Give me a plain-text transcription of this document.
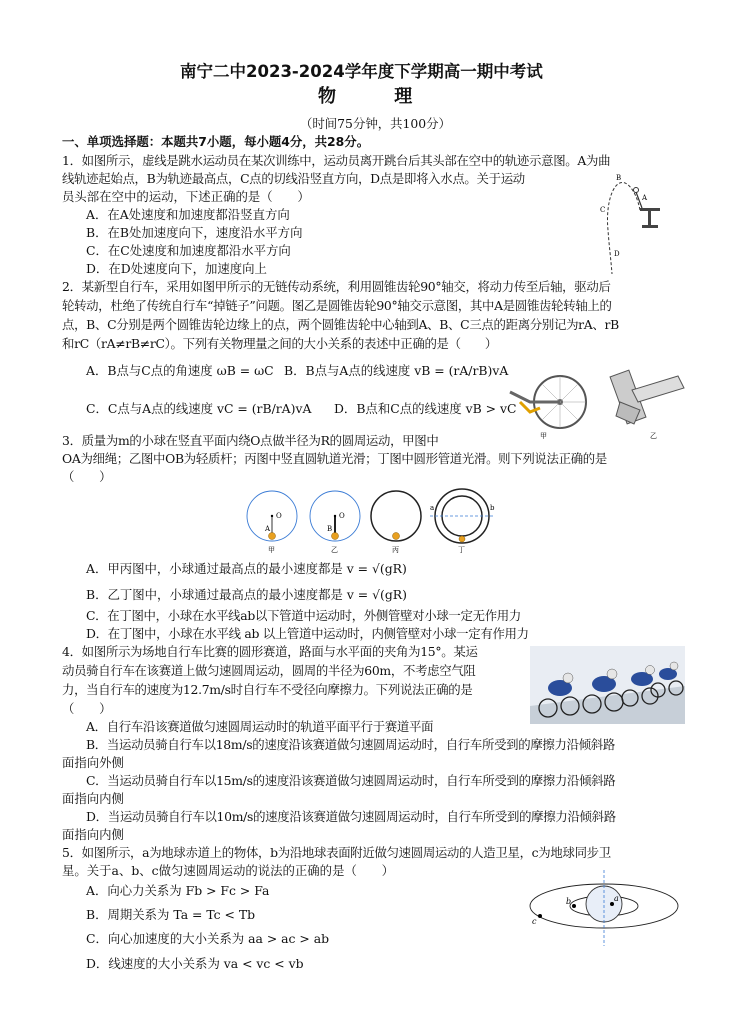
南宁二中2023-2024学年度下学期高一期中考试
物 理
（时间75分钟，共100分）
一、单项选择题：本题共7小题，每小题4分，共28分。
1．如图所示，虚线是跳水运动员在某次训练中，运动员离开跳台后其头部在空中的轨迹示意图。A为曲
线轨迹起始点，B为轨迹最高点，C点的切线沿竖直方向，D点是即将入水点。关于运动
员头部在空中的运动，下述正确的是（　　）
A．在A处速度和加速度都沿竖直方向
B．在B处加速度向下，速度沿水平方向
C．在C处速度和加速度都沿水平方向
D．在D处速度向下，加速度向上
B
A
C
D
2．某新型自行车，采用如图甲所示的无链传动系统，利用圆锥齿轮90°轴交，将动力传至后轴，驱动后
轮转动，杜绝了传统自行车“掉链子”问题。图乙是圆锥齿轮90°轴交示意图，其中A是圆锥齿轮转轴上的
点，B、C分别是两个圆锥齿轮边缘上的点，两个圆锥齿轮中心轴到A、B、C三点的距离分别记为rA、rB
和rC（rA≠rB≠rC）。下列有关物理量之间的大小关系的表述中正确的是（　　）
A．B点与C点的角速度 ωB = ωC B．B点与A点的线速度 vB = (rA/rB)vA
C．C点与A点的线速度 vC = (rB/rA)vA D．B点和C点的线速度 vB > vC
甲	乙
3．质量为m的小球在竖直平面内绕O点做半径为R的圆周运动，甲图中
OA为细绳；乙图中OB为轻质杆；丙图中竖直圆轨道光滑；丁图中圆形管道光滑。则下列说法正确的是
（　　）
A
O
甲
B
O
乙	丙
a	b
丁
A．甲丙图中，小球通过最高点的最小速度都是 v = √(gR)
B．乙丁图中，小球通过最高点的最小速度都是 v = √(gR)
C．在丁图中，小球在水平线ab以下管道中运动时，外侧管壁对小球一定无作用力
D．在丁图中，小球在水平线 ab 以上管道中运动时，内侧管壁对小球一定有作用力
4．如图所示为场地自行车比赛的圆形赛道，路面与水平面的夹角为15°。某运
动员骑自行车在该赛道上做匀速圆周运动，圆周的半径为60m，不考虑空气阻
力，当自行车的速度为12.7m/s时自行车不受径向摩擦力。下列说法正确的是
（　　）
A．自行车沿该赛道做匀速圆周运动时的轨道平面平行于赛道平面
B．当运动员骑自行车以18m/s的速度沿该赛道做匀速圆周运动时，自行车所受到的摩擦力沿倾斜路
面指向外侧
C．当运动员骑自行车以15m/s的速度沿该赛道做匀速圆周运动时，自行车所受到的摩擦力沿倾斜路
面指向内侧
D．当运动员骑自行车以10m/s的速度沿该赛道做匀速圆周运动时，自行车所受到的摩擦力沿倾斜路
面指向内侧
5．如图所示，a为地球赤道上的物体，b为沿地球表面附近做匀速圆周运动的人造卫星，c为地球同步卫
星。关于a、b、c做匀速圆周运动的说法的正确的是（　　）
A．向心力关系为 Fb > Fc > Fa
B．周期关系为 Ta = Tc < Tb
C．向心加速度的大小关系为 aa > ac > ab
D．线速度的大小关系为 va < vc < vb
a
b
c
